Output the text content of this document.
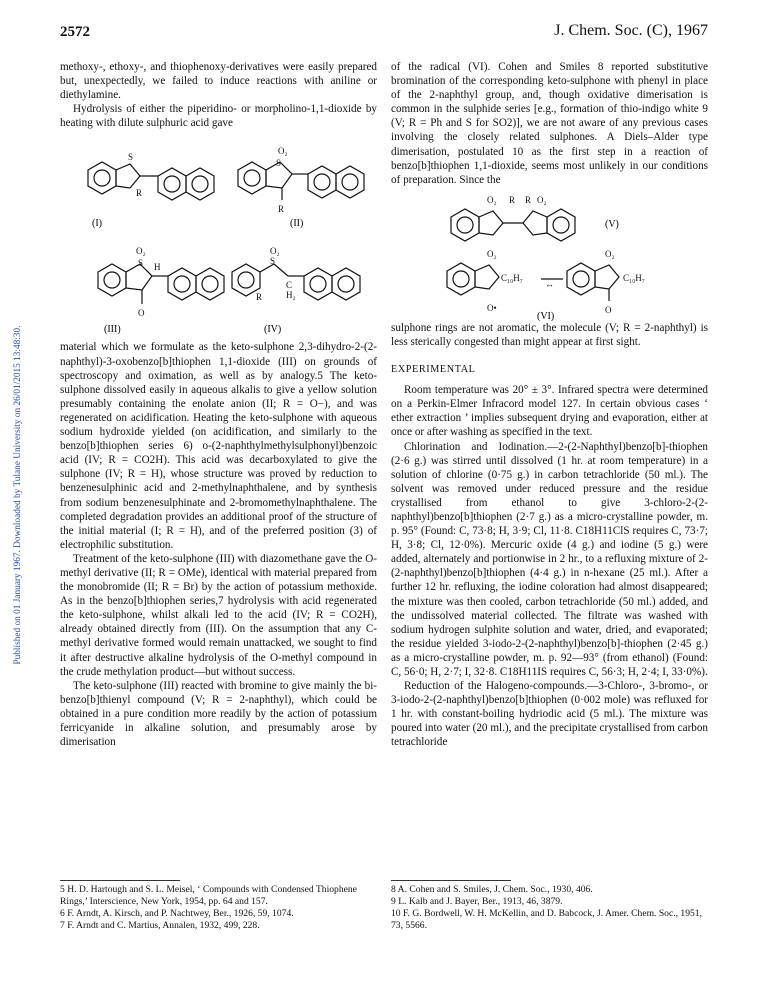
2572	J. Chem. Soc. (C), 1967
Published on 01 January 1967. Downloaded by Tulane University on 26/01/2015 13:48:30.

methoxy-, ethoxy-, and thiophenoxy-derivatives were easily prepared but, unexpectedly, we failed to induce reactions with aniline or diethylamine.

Hydrolysis of either the piperidino- or morpholino-1,1-dioxide by heating with dilute sulphuric acid gave

S
R
O₂
S
R
O₂
S H
O
O₂
S
R
C
H₂
(I)	(II)
(III)	(IV)

material which we formulate as the keto-sulphone 2,3-dihydro-2-(2-naphthyl)-3-oxobenzo[b]thiophen 1,1-dioxide (III) on grounds of spectroscopy and oximation, as well as by analogy.5 The keto-sulphone dissolved easily in aqueous alkalis to give a yellow solution presumably containing the enolate anion (II; R = O−), and was regenerated on acidification. Heating the keto-sulphone with aqueous sodium hydroxide yielded (on acidification, and similarly to the benzo[b]thiophen series 6) o-(2-naphthylmethylsulphonyl)benzoic acid (IV; R = CO2H). This acid was decarboxylated to give the sulphone (IV; R = H), whose structure was proved by reduction to benzenesulphinic acid and 2-methylnaphthalene, and by synthesis from sodium benzenesulphinate and 2-bromomethylnaphthalene. The completed degradation provides an additional proof of the structure of the initial material (I; R = H), and of the preferred position (3) of electrophilic substitution.

Treatment of the keto-sulphone (III) with diazomethane gave the O-methyl derivative (II; R = OMe), identical with material prepared from the monobromide (II; R = Br) by the action of potassium methoxide. As in the benzo[b]thiophen series,7 hydrolysis with acid regenerated the keto-sulphone, whilst alkali led to the acid (IV; R = CO2H), already obtained directly from (III). On the assumption that any C-methyl derivative formed would remain unattacked, we sought to find it after destructive alkaline hydrolysis of the O-methyl compound in the crude methylation product—but without success.

The keto-sulphone (III) reacted with bromine to give mainly the bi-benzo[b]thienyl compound (V; R = 2-naphthyl), which could be obtained in a pure condition more readily by the action of potassium ferricyanide in alkaline solution, and presumably arose by dimerisation

of the radical (VI). Cohen and Smiles 8 reported substitutive bromination of the corresponding keto-sulphone with phenyl in place of the 2-naphthyl group, and, though oxidative dimerisation is common in the sulphide series [e.g., formation of thio-indigo white 9 (V; R = Ph and S for SO2)], we are not aware of any previous cases involving the closely related sulphones. A Diels–Alder type dimerisation, postulated 10 as the first step in a reaction of benzo[b]thiophen 1,1-dioxide, seems most unlikely in our conditions of preparation. Since the

O₂ R R O₂
O₂
C₁₀H₇
O•
O₂
C₁₀H₇
O
↔
(V)
(VI)

sulphone rings are not aromatic, the molecule (V; R = 2-naphthyl) is less sterically congested than might appear at first sight.

EXPERIMENTAL

Room temperature was 20° ± 3°. Infrared spectra were determined on a Perkin-Elmer Infracord model 127. In certain obvious cases ‘ ether extraction ’ implies subsequent drying and evaporation, either at once or after washing as specified in the text.

Chlorination and Iodination.—2-(2-Naphthyl)benzo[b]-thiophen (2·6 g.) was stirred until dissolved (1 hr. at room temperature) in a solution of chlorine (0·75 g.) in carbon tetrachloride (50 ml.). The solvent was removed under reduced pressure and the residue crystallised from ethanol to give 3-chloro-2-(2-naphthyl)benzo[b]thiophen (2·7 g.) as a micro-crystalline powder, m. p. 95° (Found: C, 73·8; H, 3·9; Cl, 11·8. C18H11ClS requires C, 73·7; H, 3·8; Cl, 12·0%). Mercuric oxide (4 g.) and iodine (5 g.) were added, alternately and portionwise in 2 hr., to a refluxing mixture of 2-(2-naphthyl)benzo[b]thiophen (4·4 g.) in n-hexane (25 ml.). After a further 12 hr. refluxing, the iodine coloration had almost disappeared; the mixture was then cooled, carbon tetrachloride (50 ml.) added, and the undissolved material collected. The filtrate was washed with sodium hydrogen sulphite solution and water, dried, and evaporated; the residue yielded 3-iodo-2-(2-naphthyl)benzo[b]-thiophen (2·45 g.) as a micro-crystalline powder, m. p. 92—93° (from ethanol) (Found: C, 56·0; H, 2·7; I, 32·8. C18H11IS requires C, 56·3; H, 2·4; I, 33·0%).

Reduction of the Halogeno-compounds.—3-Chloro-, 3-bromo-, or 3-iodo-2-(2-naphthyl)benzo[b]thiophen (0·002 mole) was refluxed for 1 hr. with constant-boiling hydriodic acid (5 ml.). The mixture was poured into water (20 ml.), and the precipitate crystallised from carbon tetrachloride

5 H. D. Hartough and S. L. Meisel, ‘ Compounds with Condensed Thiophene Rings,’ Interscience, New York, 1954, pp. 64 and 157.

6 F. Arndt, A. Kirsch, and P. Nachtwey, Ber., 1926, 59, 1074.

7 F. Arndt and C. Martius, Annalen, 1932, 499, 228.

8 A. Cohen and S. Smiles, J. Chem. Soc., 1930, 406.

9 L. Kalb and J. Bayer, Ber., 1913, 46, 3879.

10 F. G. Bordwell, W. H. McKellin, and D. Babcock, J. Amer. Chem. Soc., 1951, 73, 5566.
